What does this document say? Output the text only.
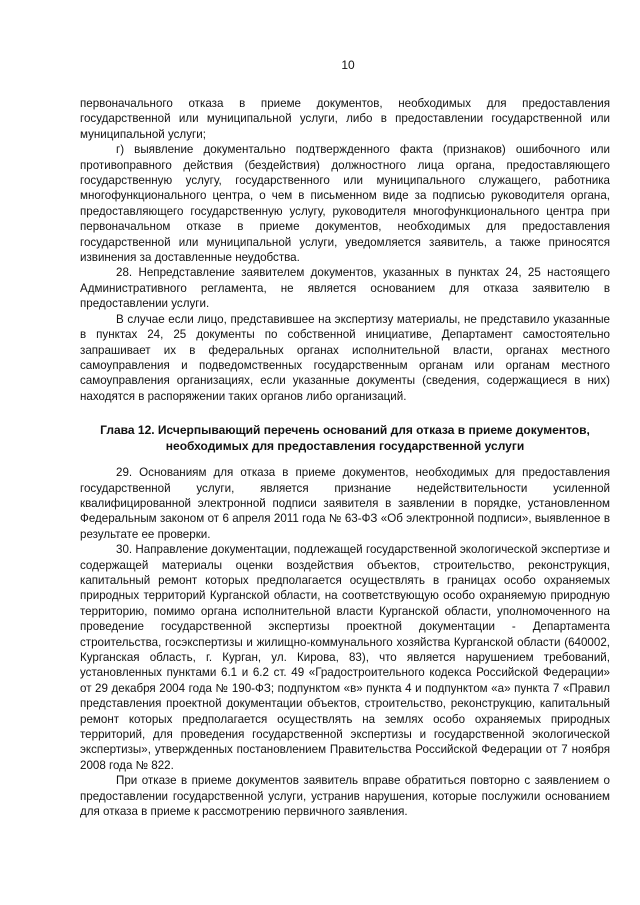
10

первоначального отказа в приеме документов, необходимых для предоставления государственной или муниципальной услуги, либо в предоставлении государственной или муниципальной услуги;

г) выявление документально подтвержденного факта (признаков) ошибочного или противоправного действия (бездействия) должностного лица органа, предоставляющего государственную услугу, государственного или муниципального служащего, работника многофункционального центра, о чем в письменном виде за подписью руководителя органа, предоставляющего государственную услугу, руководителя многофункционального центра при первоначальном отказе в приеме документов, необходимых для предоставления государственной или муниципальной услуги, уведомляется заявитель, а также приносятся извинения за доставленные неудобства.

28. Непредставление заявителем документов, указанных в пунктах 24, 25 настоящего Административного регламента, не является основанием для отказа заявителю в предоставлении услуги.

В случае если лицо, представившее на экспертизу материалы, не представило указанные в пунктах 24, 25 документы по собственной инициативе, Департамент самостоятельно запрашивает их в федеральных органах исполнительной власти, органах местного самоуправления и подведомственных государственным органам или органам местного самоуправления организациях, если указанные документы (сведения, содержащиеся в них) находятся в распоряжении таких органов либо организаций.

Глава 12. Исчерпывающий перечень оснований для отказа в приеме документов, необходимых для предоставления государственной услуги

29. Основаниям для отказа в приеме документов, необходимых для предоставления государственной услуги, является признание недействительности усиленной квалифицированной электронной подписи заявителя в заявлении в порядке, установленном Федеральным законом от 6 апреля 2011 года № 63-ФЗ «Об электронной подписи», выявленное в результате ее проверки.

30. Направление документации, подлежащей государственной экологической экспертизе и содержащей материалы оценки воздействия объектов, строительство, реконструкция, капитальный ремонт которых предполагается осуществлять в границах особо охраняемых природных территорий Курганской области, на соответствующую особо охраняемую природную территорию, помимо органа исполнительной власти Курганской области, уполномоченного на проведение государственной экспертизы проектной документации - Департамента строительства, госэкспертизы и жилищно-коммунального хозяйства Курганской области (640002, Курганская область, г. Курган, ул. Кирова, 83), что является нарушением требований, установленных пунктами 6.1 и 6.2 ст. 49 «Градостроительного кодекса Российской Федерации» от 29 декабря 2004 года № 190-ФЗ; подпунктом «в» пункта 4 и подпунктом «а» пункта 7 «Правил представления проектной документации объектов, строительство, реконструкцию, капитальный ремонт которых предполагается осуществлять на землях особо охраняемых природных территорий, для проведения государственной экспертизы и государственной экологической экспертизы», утвержденных постановлением Правительства Российской Федерации от 7 ноября 2008 года № 822.

При отказе в приеме документов заявитель вправе обратиться повторно с заявлением о предоставлении государственной услуги, устранив нарушения, которые послужили основанием для отказа в приеме к рассмотрению первичного заявления.
